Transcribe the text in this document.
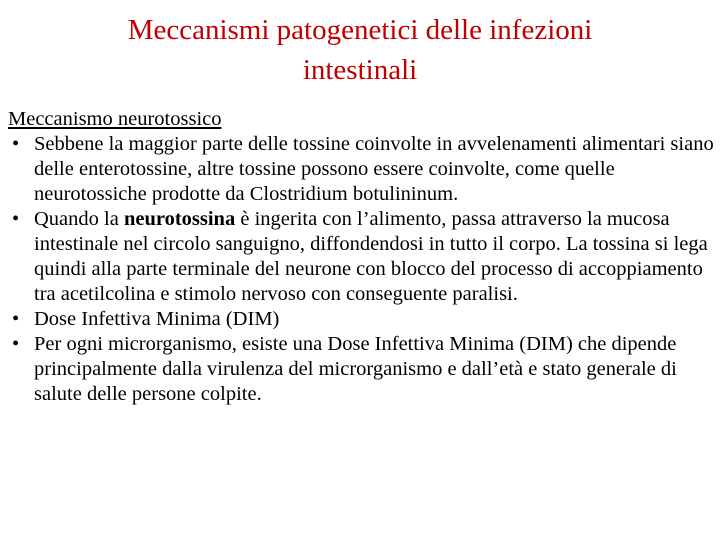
Meccanismi patogenetici delle infezioni
intestinali

Meccanismo neurotossico

• Sebbene la maggior parte delle tossine coinvolte in avvelenamenti alimentari siano delle enterotossine, altre tossine possono essere coinvolte, come quelle neurotossiche prodotte da Clostridium botulininum.
• Quando la neurotossina è ingerita con l’alimento, passa attraverso la mucosa intestinale nel circolo sanguigno, diffondendosi in tutto il corpo. La tossina si lega quindi alla parte terminale del neurone con blocco del processo di accoppiamento tra acetilcolina e stimolo nervoso con conseguente paralisi.
• Dose Infettiva Minima (DIM)
• Per ogni microrganismo, esiste una Dose Infettiva Minima (DIM) che dipende principalmente dalla virulenza del microrganismo e dall’età e stato generale di salute delle persone colpite.
